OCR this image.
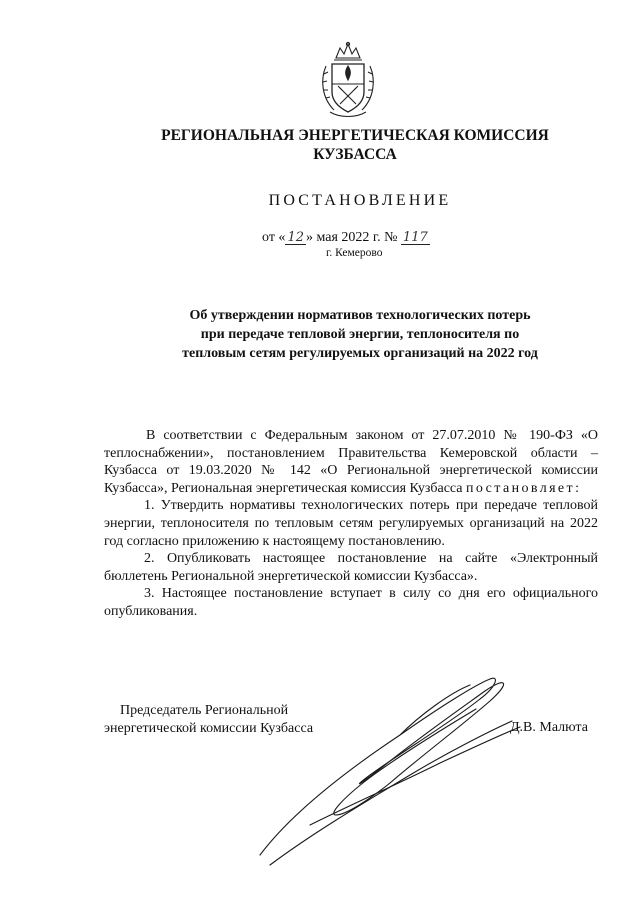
РЕГИОНАЛЬНАЯ ЭНЕРГЕТИЧЕСКАЯ КОМИССИЯ
КУЗБАССА
ПОСТАНОВЛЕНИЕ
от « 12 » мая 2022 г. № 117
г. Кемерово
Об утверждении нормативов технологических потерь
при передаче тепловой энергии, теплоносителя по
тепловым сетям регулируемых организаций на 2022 год

В соответствии с Федеральным законом от 27.07.2010 № 190-ФЗ «О теплоснабжении», постановлением Правительства Кемеровской области – Кузбасса от 19.03.2020 № 142 «О Региональной энергетической комиссии Кузбасса», Региональная энергетическая комиссия Кузбасса постановляет:

1. Утвердить нормативы технологических потерь при передаче тепловой энергии, теплоносителя по тепловым сетям регулируемых организаций на 2022 год согласно приложению к настоящему постановлению.

2. Опубликовать настоящее постановление на сайте «Электронный бюллетень Региональной энергетической комиссии Кузбасса».

3. Настоящее постановление вступает в силу со дня его официального опубликования.

Председатель Региональной
энергетической комиссии Кузбасса	Д.В. Малюта
